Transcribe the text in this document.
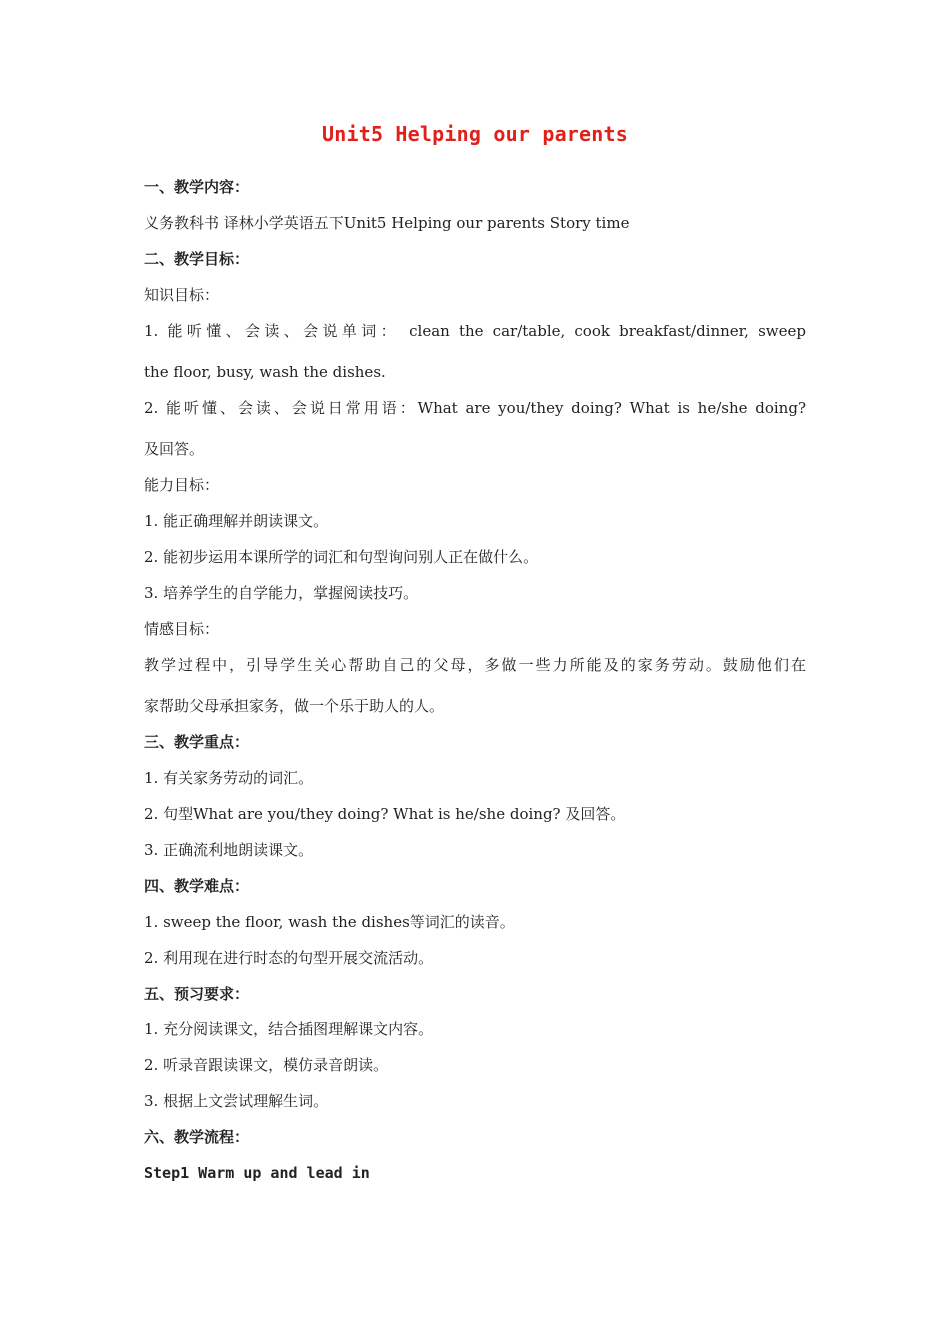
Unit5 Helping our parents
一、教学内容：
义务教科书 译林小学英语五下Unit5 Helping our parents Story time
二、教学目标：
知识目标：
1. 能听懂、会读、会说单词： clean the car/table, cook breakfast/dinner, sweep
the floor, busy, wash the dishes.
2. 能听懂、会读、会说日常用语：What are you/they doing? What is he/she doing?
及回答。
能力目标：
1. 能正确理解并朗读课文。
2. 能初步运用本课所学的词汇和句型询问别人正在做什么。
3. 培养学生的自学能力，掌握阅读技巧。
情感目标：
教学过程中，引导学生关心帮助自己的父母，多做一些力所能及的家务劳动。鼓励他们在
家帮助父母承担家务，做一个乐于助人的人。
三、教学重点：
1. 有关家务劳动的词汇。
2. 句型What are you/they doing? What is he/she doing? 及回答。
3. 正确流利地朗读课文。
四、教学难点：
1. sweep the floor, wash the dishes等词汇的读音。
2. 利用现在进行时态的句型开展交流活动。
五、预习要求：
1. 充分阅读课文，结合插图理解课文内容。
2. 听录音跟读课文，模仿录音朗读。
3. 根据上文尝试理解生词。
六、教学流程：
Step1 Warm up and lead in
